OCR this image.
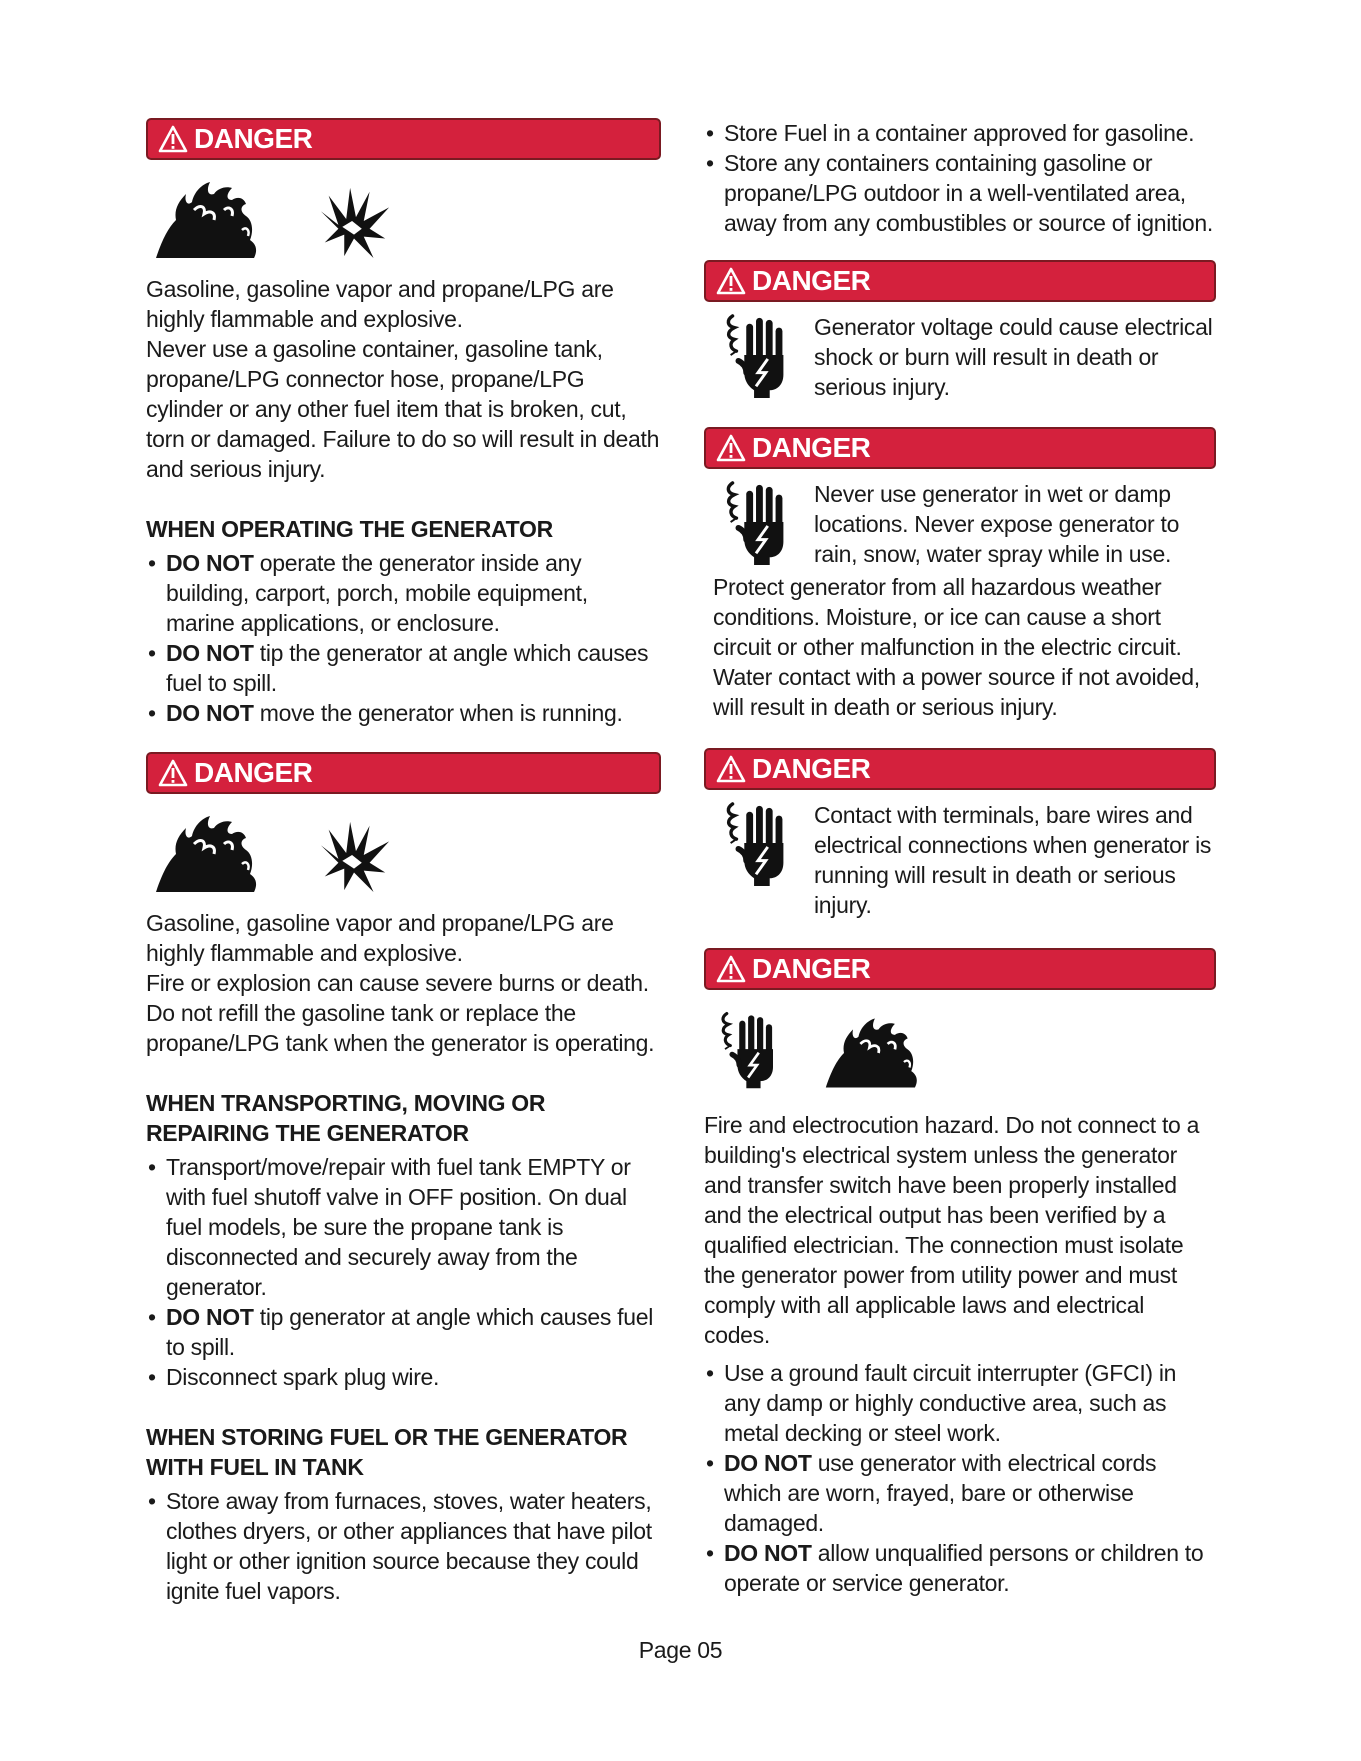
DANGER

Gasoline, gasoline vapor and propane/LPG are highly flammable and explosive.

Never use a gasoline container, gasoline tank, propane/LPG connector hose, propane/LPG cylinder or any other fuel item that is broken, cut, torn or damaged. Failure to do so will result in death and serious injury.

WHEN OPERATING THE GENERATOR
• DO NOT operate the generator inside any building, carport, porch, mobile equipment, marine applications, or enclosure.
• DO NOT tip the generator at angle which causes fuel to spill.
• DO NOT move the generator when is running.
DANGER

Gasoline, gasoline vapor and propane/LPG are highly flammable and explosive.

Fire or explosion can cause severe burns or death. Do not refill the gasoline tank or replace the propane/LPG tank when the generator is operating.

WHEN TRANSPORTING, MOVING OR REPAIRING THE GENERATOR
• Transport/move/repair with fuel tank EMPTY or with fuel shutoff valve in OFF position. On dual fuel models, be sure the propane tank is disconnected and securely away from the generator.
• DO NOT tip generator at angle which causes fuel to spill.
• Disconnect spark plug wire.
WHEN STORING FUEL OR THE GENERATOR WITH FUEL IN TANK
• Store away from furnaces, stoves, water heaters, clothes dryers, or other appliances that have pilot light or other ignition source because they could ignite fuel vapors.
• Store Fuel in a container approved for gasoline.
• Store any containers containing gasoline or propane/LPG outdoor in a well-ventilated area, away from any combustibles or source of ignition.
DANGER

Generator voltage could cause electrical shock or burn will result in death or serious injury.

DANGER

Never use generator in wet or damp locations. Never expose generator to rain, snow, water spray while in use.

Protect generator from all hazardous weather conditions. Moisture, or ice can cause a short circuit or other malfunction in the electric circuit. Water contact with a power source if not avoided, will result in death or serious injury.

DANGER

Contact with terminals, bare wires and electrical connections when generator is running will result in death or serious injury.

DANGER

Fire and electrocution hazard. Do not connect to a building's electrical system unless the generator and transfer switch have been properly installed and the electrical output has been verified by a qualified electrician. The connection must isolate the generator power from utility power and must comply with all applicable laws and electrical codes.

• Use a ground fault circuit interrupter (GFCI) in any damp or highly conductive area, such as metal decking or steel work.
• DO NOT use generator with electrical cords which are worn, frayed, bare or otherwise damaged.
• DO NOT allow unqualified persons or children to operate or service generator.
Page 05
